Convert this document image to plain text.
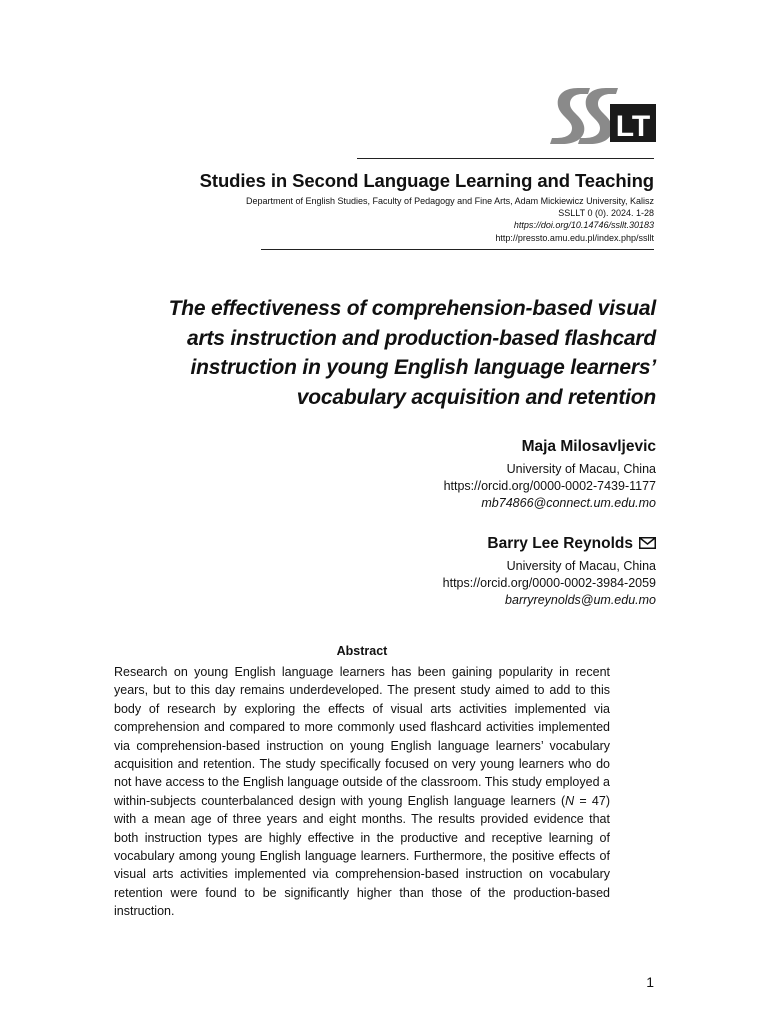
LT
Studies in Second Language Learning and Teaching
Department of English Studies, Faculty of Pedagogy and Fine Arts, Adam Mickiewicz University, Kalisz
SSLLT 0 (0). 2024. 1-28
https://doi.org/10.14746/ssllt.30183
http://pressto.amu.edu.pl/index.php/ssllt
The effectiveness of comprehension-based visual
arts instruction and production-based flashcard
instruction in young English language learners’
vocabulary acquisition and retention
Maja Milosavljevic
University of Macau, China
https://orcid.org/0000-0002-7439-1177
mb74866@connect.um.edu.mo
Barry Lee Reynolds
University of Macau, China
https://orcid.org/0000-0002-3984-2059
barryreynolds@um.edu.mo
Abstract
Research on young English language learners has been gaining popularity in recent years, but to this day remains underdeveloped. The present study aimed to add to this body of research by exploring the effects of visual arts activities implemented via comprehension and compared to more commonly used flashcard activities implemented via comprehension-based instruction on young English language learners’ vocabulary acquisition and retention. The study specifically focused on very young learners who do not have access to the English language outside of the classroom. This study employed a within-subjects counterbalanced design with young English language learners (N = 47) with a mean age of three years and eight months. The results provided evidence that both instruction types are highly effective in the productive and receptive learning of vocabulary among young English language learners. Furthermore, the positive effects of visual arts activities implemented via comprehension-based instruction on vocabulary retention were found to be significantly higher than those of the production-based instruction.
1
